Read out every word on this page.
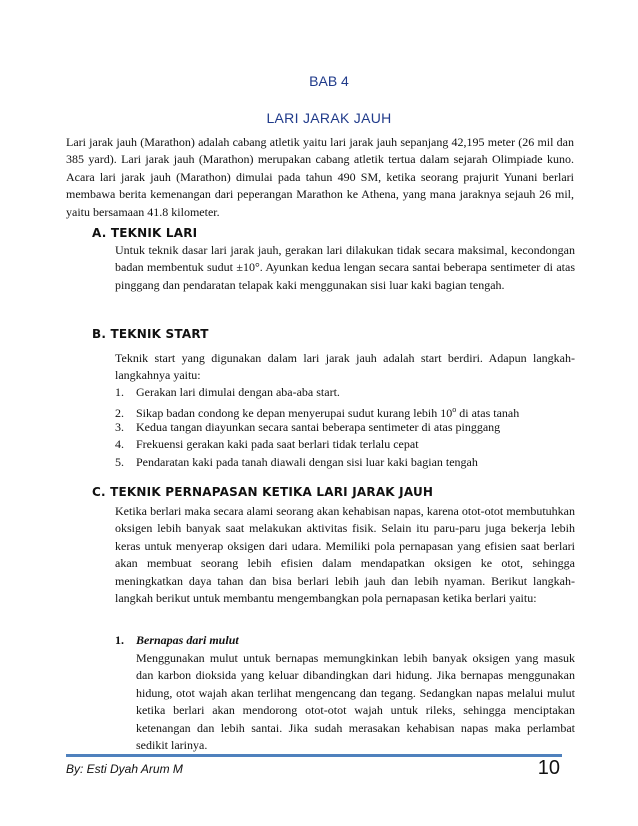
BAB 4
LARI JARAK JAUH
Lari jarak jauh (Marathon) adalah cabang atletik yaitu lari jarak jauh sepanjang 42,195 meter (26 mil dan 385 yard). Lari jarak jauh (Marathon) merupakan cabang atletik tertua dalam sejarah Olimpiade kuno. Acara lari jarak jauh (Marathon) dimulai pada tahun 490 SM, ketika seorang prajurit Yunani berlari membawa berita kemenangan dari peperangan Marathon ke Athena, yang mana jaraknya sejauh 26 mil, yaitu bersamaan 41.8 kilometer.
A. TEKNIK LARI
Untuk teknik dasar lari jarak jauh, gerakan lari dilakukan tidak secara maksimal, kecondongan badan membentuk sudut ±10°. Ayunkan kedua lengan secara santai beberapa sentimeter di atas pinggang dan pendaratan telapak kaki menggunakan sisi luar kaki bagian tengah.
B. TEKNIK START
Teknik start yang digunakan dalam lari jarak jauh adalah start berdiri. Adapun langkah-langkahnya yaitu:
1. Gerakan lari dimulai dengan aba-aba start.
2. Sikap badan condong ke depan menyerupai sudut kurang lebih 10$^o$ di atas tanah
3. Kedua tangan diayunkan secara santai beberapa sentimeter di atas pinggang
4. Frekuensi gerakan kaki pada saat berlari tidak terlalu cepat
5. Pendaratan kaki pada tanah diawali dengan sisi luar kaki bagian tengah
C. TEKNIK PERNAPASAN KETIKA LARI JARAK JAUH
Ketika berlari maka secara alami seorang akan kehabisan napas, karena otot-otot membutuhkan oksigen lebih banyak saat melakukan aktivitas fisik. Selain itu paru-paru juga bekerja lebih keras untuk menyerap oksigen dari udara. Memiliki pola pernapasan yang efisien saat berlari akan membuat seorang lebih efisien dalam mendapatkan oksigen ke otot, sehingga meningkatkan daya tahan dan bisa berlari lebih jauh dan lebih nyaman. Berikut langkah-langkah berikut untuk membantu mengembangkan pola pernapasan ketika berlari yaitu:
1. Bernapas dari mulut
Menggunakan mulut untuk bernapas memungkinkan lebih banyak oksigen yang masuk dan karbon dioksida yang keluar dibandingkan dari hidung. Jika bernapas menggunakan hidung, otot wajah akan terlihat mengencang dan tegang. Sedangkan napas melalui mulut ketika berlari akan mendorong otot-otot wajah untuk rileks, sehingga menciptakan ketenangan dan lebih santai. Jika sudah merasakan kehabisan napas maka perlambat sedikit larinya.
By: Esti Dyah Arum M	10
